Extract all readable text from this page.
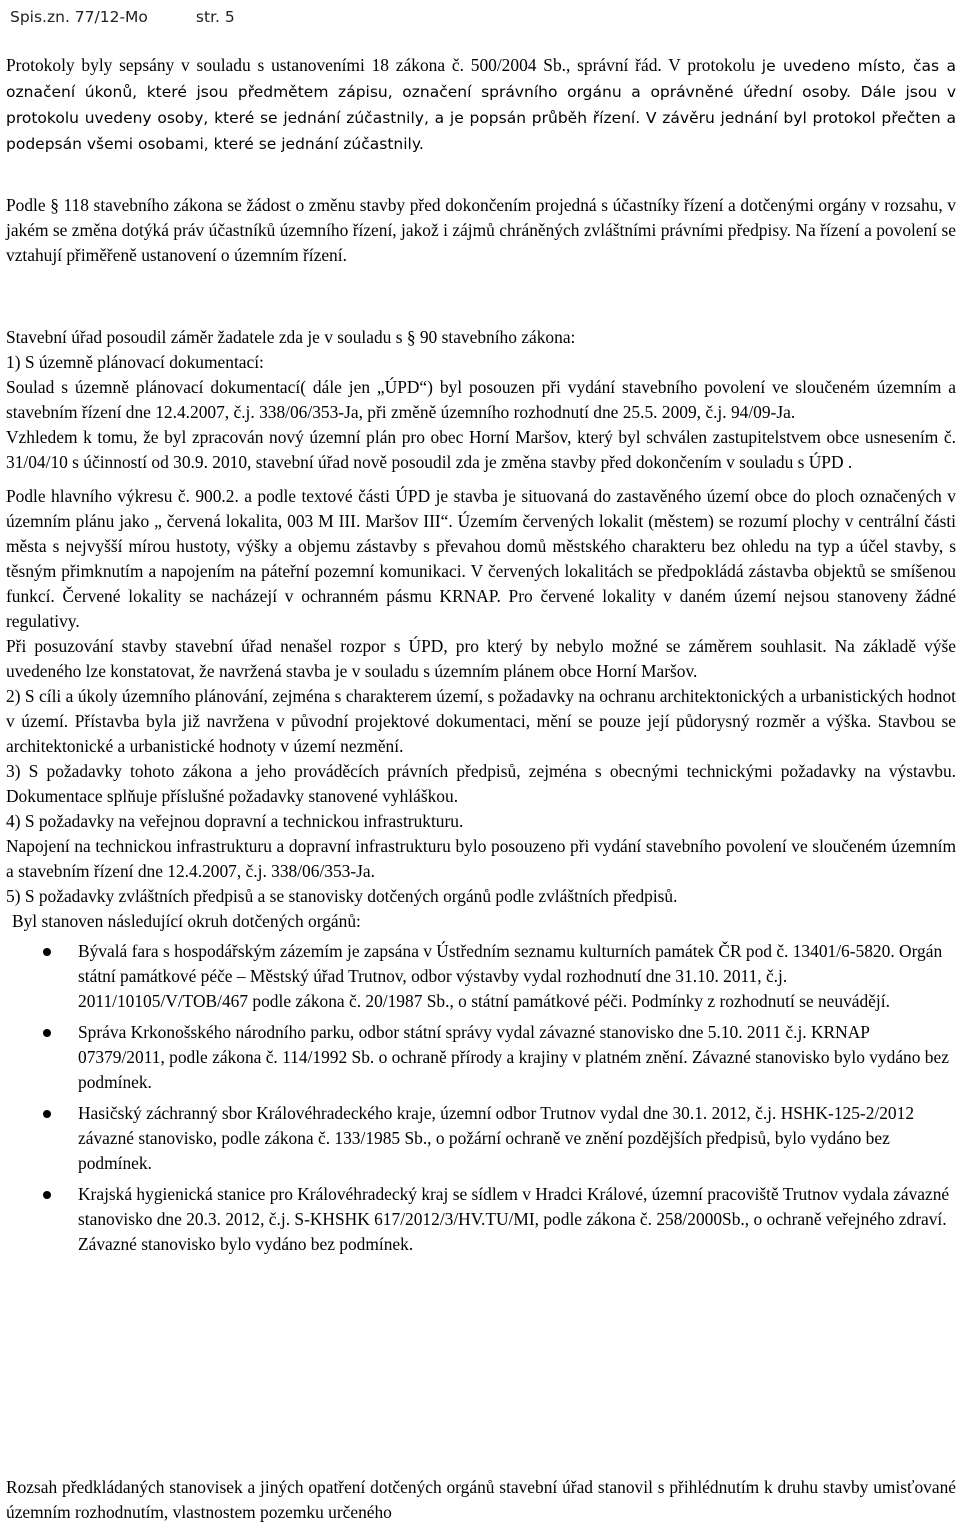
Spis.zn. 77/12-Mo	str. 5

Protokoly byly sepsány v souladu s ustanoveními 18 zákona č. 500/2004 Sb., správní řád. V protokolu je uvedeno místo, čas a označení úkonů, které jsou předmětem zápisu, označení správního orgánu a oprávněné úřední osoby. Dále jsou v protokolu uvedeny osoby, které se jednání zúčastnily, a je popsán průběh řízení. V závěru jednání byl protokol přečten a podepsán všemi osobami, které se jednání zúčastnily.

Podle § 118 stavebního zákona se žádost o změnu stavby před dokončením projedná s účastníky řízení a dotčenými orgány v rozsahu, v jakém se změna dotýká práv účastníků územního řízení, jakož i zájmů chráněných zvláštními právními předpisy. Na řízení a povolení se vztahují přiměřeně ustanovení o územním řízení.

Stavební úřad posoudil záměr žadatele zda je v souladu s § 90 stavebního zákona:

1) S územně plánovací dokumentací:

Soulad s územně plánovací dokumentací( dále jen „ÚPD“) byl posouzen při vydání stavebního povolení ve sloučeném územním a stavebním řízení dne 12.4.2007, č.j. 338/06/353-Ja, při změně územního rozhodnutí dne 25.5. 2009, č.j. 94/09-Ja.

Vzhledem k tomu, že byl zpracován nový územní plán pro obec Horní Maršov, který byl schválen zastupitelstvem obce usnesením č. 31/04/10 s účinností od 30.9. 2010, stavební úřad nově posoudil zda je změna stavby před dokončením v souladu s ÚPD .

Podle hlavního výkresu č. 900.2. a podle textové části ÚPD je stavba je situovaná do zastavěného území obce do ploch označených v územním plánu jako „ červená lokalita, 003 M III. Maršov III“. Územím červených lokalit (městem) se rozumí plochy v centrální části města s nejvyšší mírou hustoty, výšky a objemu zástavby s převahou domů městského charakteru bez ohledu na typ a účel stavby, s těsným přimknutím a napojením na páteřní pozemní komunikaci. V červených lokalitách se předpokládá zástavba objektů se smíšenou funkcí. Červené lokality se nacházejí v ochranném pásmu KRNAP. Pro červené lokality v daném území nejsou stanoveny žádné regulativy.

Při posuzování stavby stavební úřad nenašel rozpor s ÚPD, pro který by nebylo možné se záměrem souhlasit. Na základě výše uvedeného lze konstatovat, že navržená stavba je v souladu s územním plánem obce Horní Maršov.

2) S cíli a úkoly územního plánování, zejména s charakterem území, s požadavky na ochranu architektonických a urbanistických hodnot v území. Přístavba byla již navržena v původní projektové dokumentaci, mění se pouze její půdorysný rozměr a výška. Stavbou se architektonické a urbanistické hodnoty v území nezmění.

3) S požadavky tohoto zákona a jeho prováděcích právních předpisů, zejména s obecnými technickými požadavky na výstavbu. Dokumentace splňuje příslušné požadavky stanovené vyhláškou.

4) S požadavky na veřejnou dopravní a technickou infrastrukturu.

Napojení na technickou infrastrukturu a dopravní infrastrukturu bylo posouzeno při vydání stavebního povolení ve sloučeném územním a stavebním řízení dne 12.4.2007, č.j. 338/06/353-Ja.

5) S požadavky zvláštních předpisů a se stanovisky dotčených orgánů podle zvláštních předpisů.

Byl stanoven následující okruh dotčených orgánů:

Bývalá fara s hospodářským zázemím je zapsána v Ústředním seznamu kulturních památek ČR pod č. 13401/6-5820. Orgán státní památkové péče – Městský úřad Trutnov, odbor výstavby vydal rozhodnutí dne 31.10. 2011, č.j. 2011/10105/V/TOB/467 podle zákona č. 20/1987 Sb., o státní památkové péči. Podmínky z rozhodnutí se neuvádějí.
Správa Krkonošského národního parku, odbor státní správy vydal závazné stanovisko dne 5.10. 2011 č.j. KRNAP 07379/2011, podle zákona č. 114/1992 Sb. o ochraně přírody a krajiny v platném znění. Závazné stanovisko bylo vydáno bez podmínek.
Hasičský záchranný sbor Královéhradeckého kraje, územní odbor Trutnov vydal dne 30.1. 2012, č.j. HSHK-125-2/2012 závazné stanovisko, podle zákona č. 133/1985 Sb., o požární ochraně ve znění pozdějších předpisů, bylo vydáno bez podmínek.
Krajská hygienická stanice pro Královéhradecký kraj se sídlem v Hradci Králové, územní pracoviště Trutnov vydala závazné stanovisko dne 20.3. 2012, č.j. S-KHSHK 617/2012/3/HV.TU/MI, podle zákona č. 258/2000Sb., o ochraně veřejného zdraví. Závazné stanovisko bylo vydáno bez podmínek.

Rozsah předkládaných stanovisek a jiných opatření dotčených orgánů stavební úřad stanovil s přihlédnutím k druhu stavby umisťované územním rozhodnutím, vlastnostem pozemku určeného
